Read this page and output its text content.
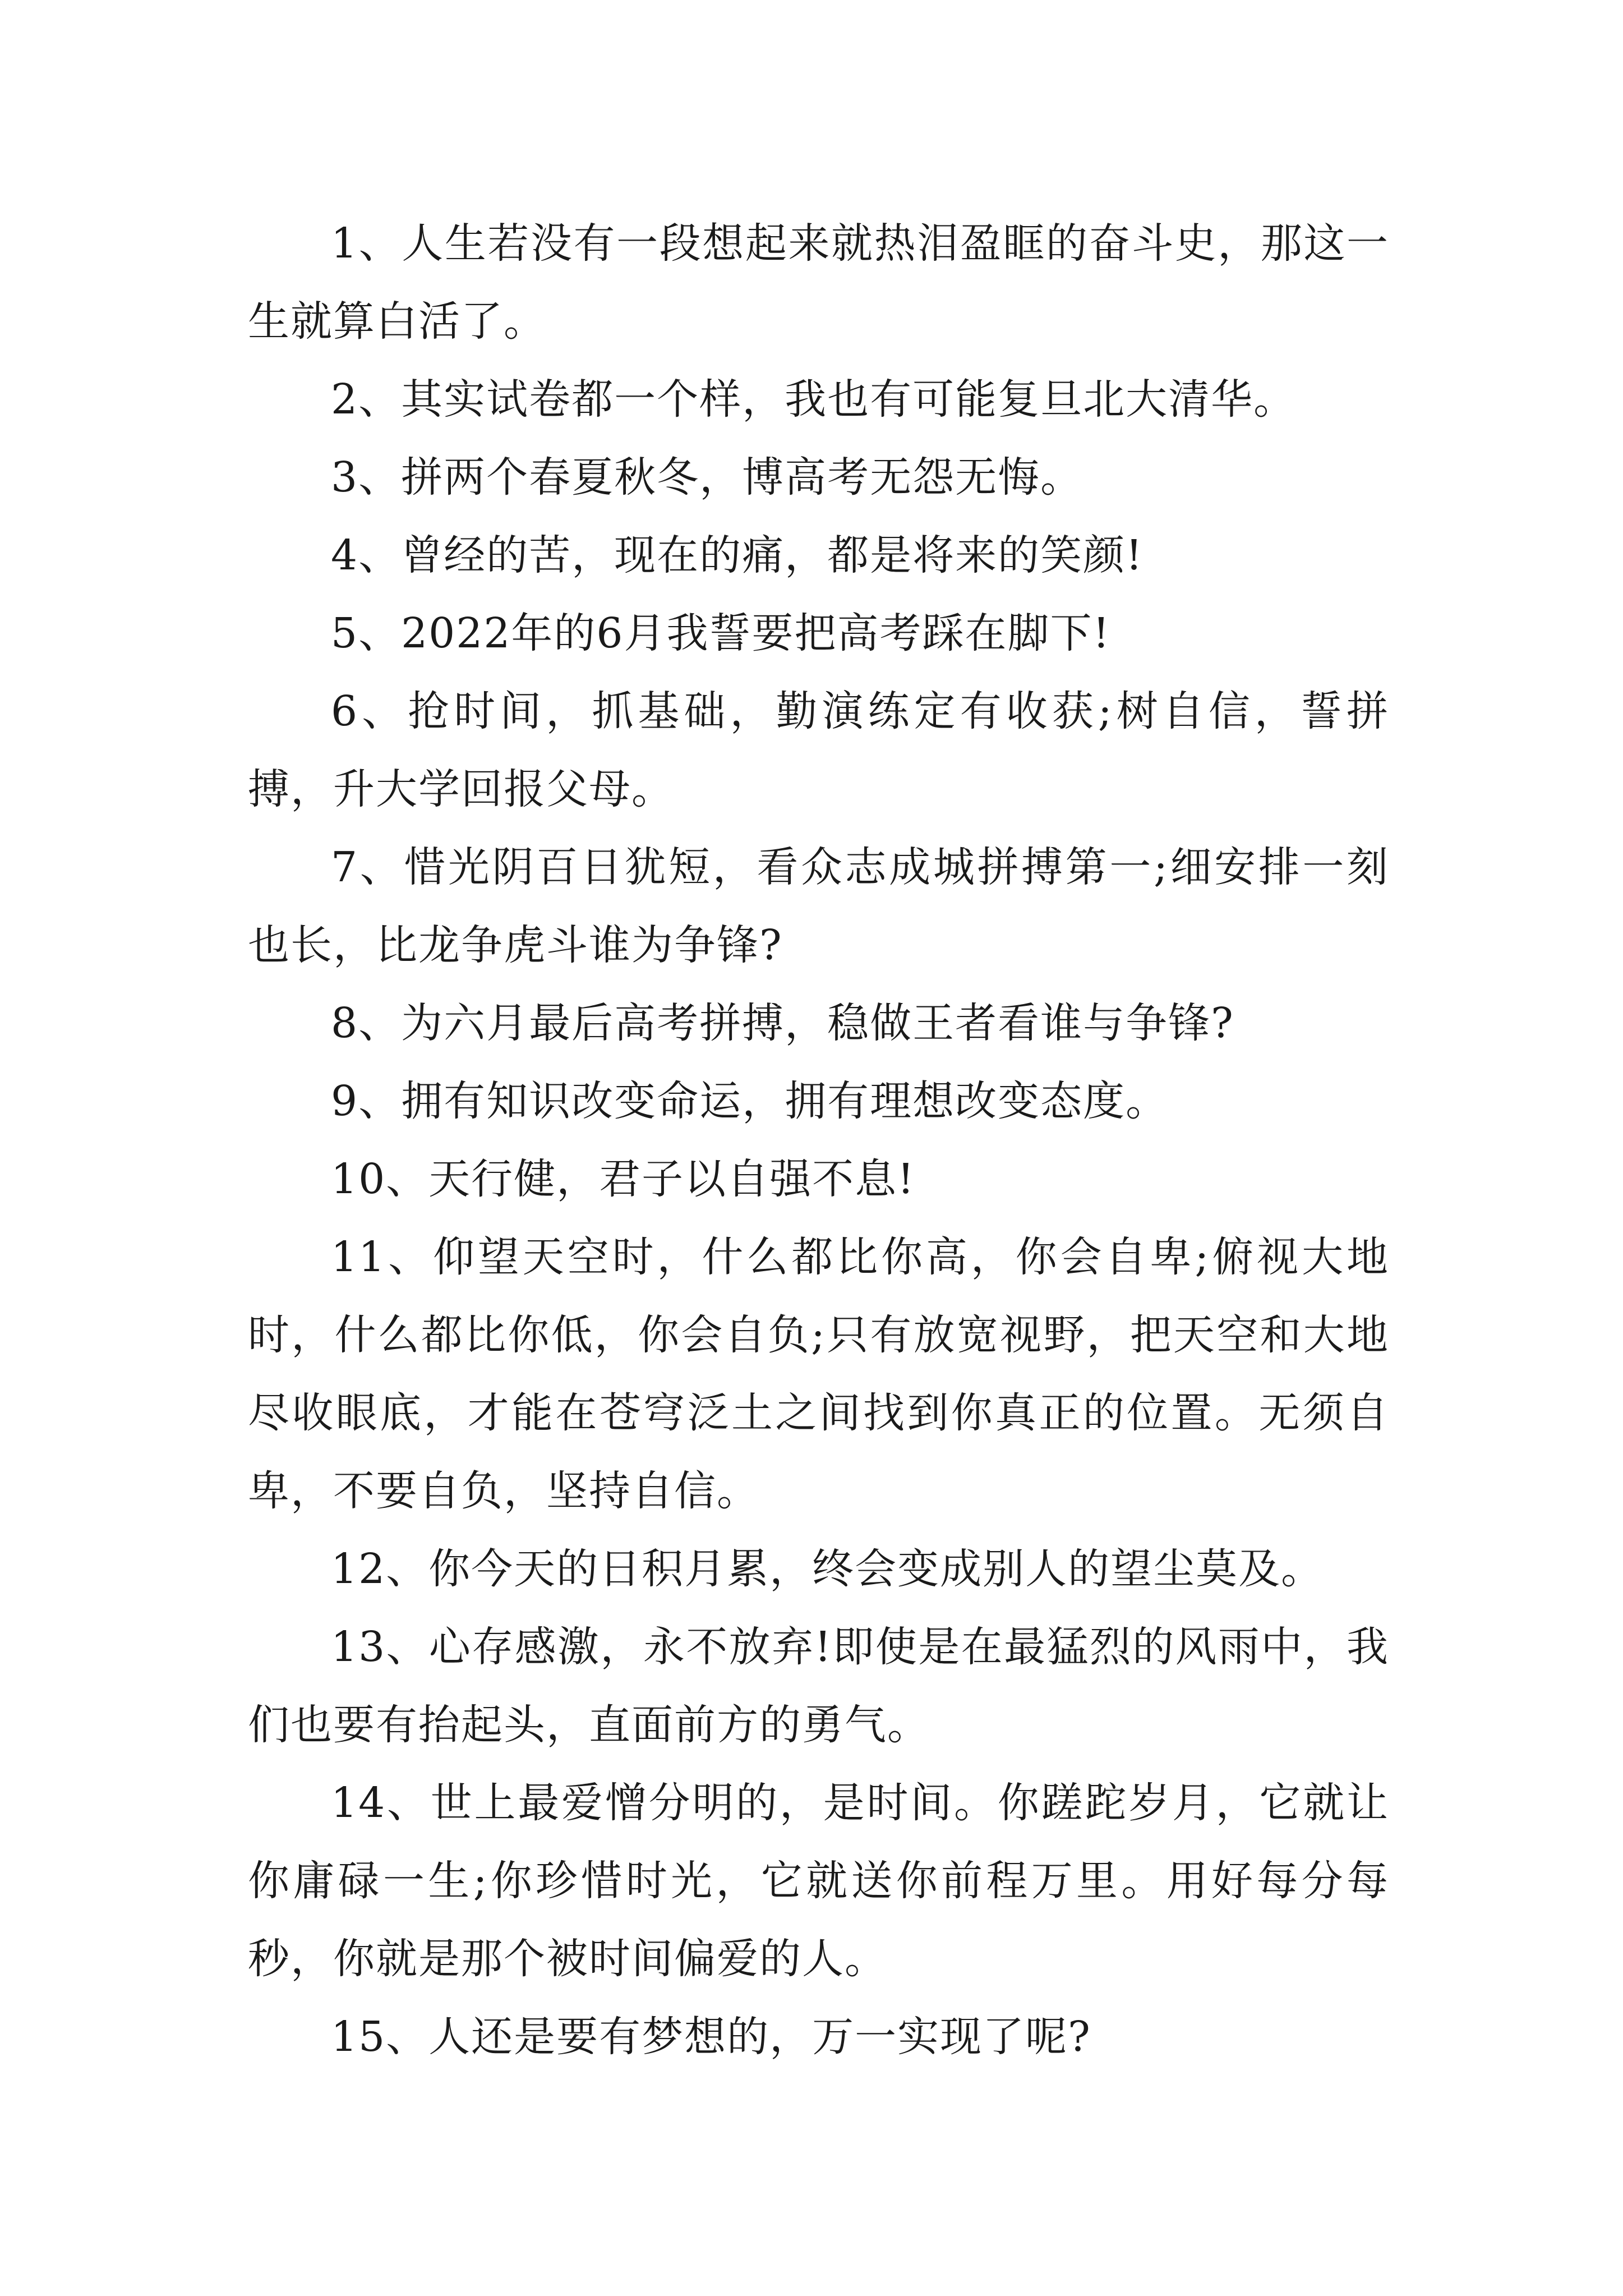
1、人生若没有一段想起来就热泪盈眶的奋斗史，那这一生就算白活了。

2、其实试卷都一个样，我也有可能复旦北大清华。

3、拼两个春夏秋冬，博高考无怨无悔。

4、曾经的苦，现在的痛，都是将来的笑颜!

5、2022年的6月我誓要把高考踩在脚下!

6、抢时间，抓基础，勤演练定有收获;树自信，誓拼搏，升大学回报父母。

7、惜光阴百日犹短，看众志成城拼搏第一;细安排一刻也长，比龙争虎斗谁为争锋?

8、为六月最后高考拼搏，稳做王者看谁与争锋?

9、拥有知识改变命运，拥有理想改变态度。

10、天行健，君子以自强不息!

11、仰望天空时，什么都比你高，你会自卑;俯视大地时，什么都比你低，你会自负;只有放宽视野，把天空和大地尽收眼底，才能在苍穹泛土之间找到你真正的位置。无须自卑，不要自负，坚持自信。

12、你今天的日积月累，终会变成别人的望尘莫及。

13、心存感激，永不放弃!即使是在最猛烈的风雨中，我们也要有抬起头，直面前方的勇气。

14、世上最爱憎分明的，是时间。你蹉跎岁月，它就让你庸碌一生;你珍惜时光，它就送你前程万里。用好每分每秒，你就是那个被时间偏爱的人。

15、人还是要有梦想的，万一实现了呢?
